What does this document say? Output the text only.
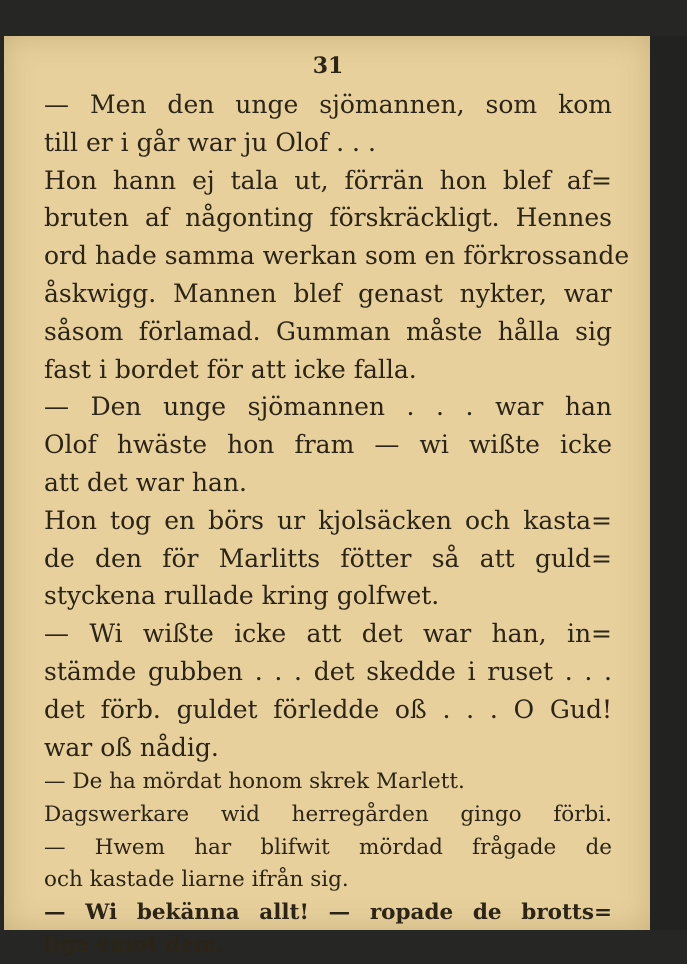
31
— Men den unge sjömannen, som kom
till er i går war ju Olof . . .
Hon hann ej tala ut, förrän hon blef af=
bruten af någonting förskräckligt. Hennes
ord hade samma werkan som en förkrossande
åskwigg. Mannen blef genast nykter, war
såsom förlamad. Gumman måste hålla sig
fast i bordet för att icke falla.
— Den unge sjömannen . . . war han
Olof hwäste hon fram — wi wißte icke
att det war han.
Hon tog en börs ur kjolsäcken och kasta=
de den för Marlitts fötter så att guld=
styckena rullade kring golfwet.
— Wi wißte icke att det war han, in=
stämde gubben . . . det skedde i ruset . . .
det förb. guldet förledde oß . . . O Gud!
war oß nådig.
— De ha mördat honom skrek Marlett.
Dagswerkare wid herregården gingo förbi.
— Hwem har blifwit mördad frågade de
och kastade liarne ifrån sig.
— Wi bekänna allt! — ropade de brotts=
liga emot dem.
